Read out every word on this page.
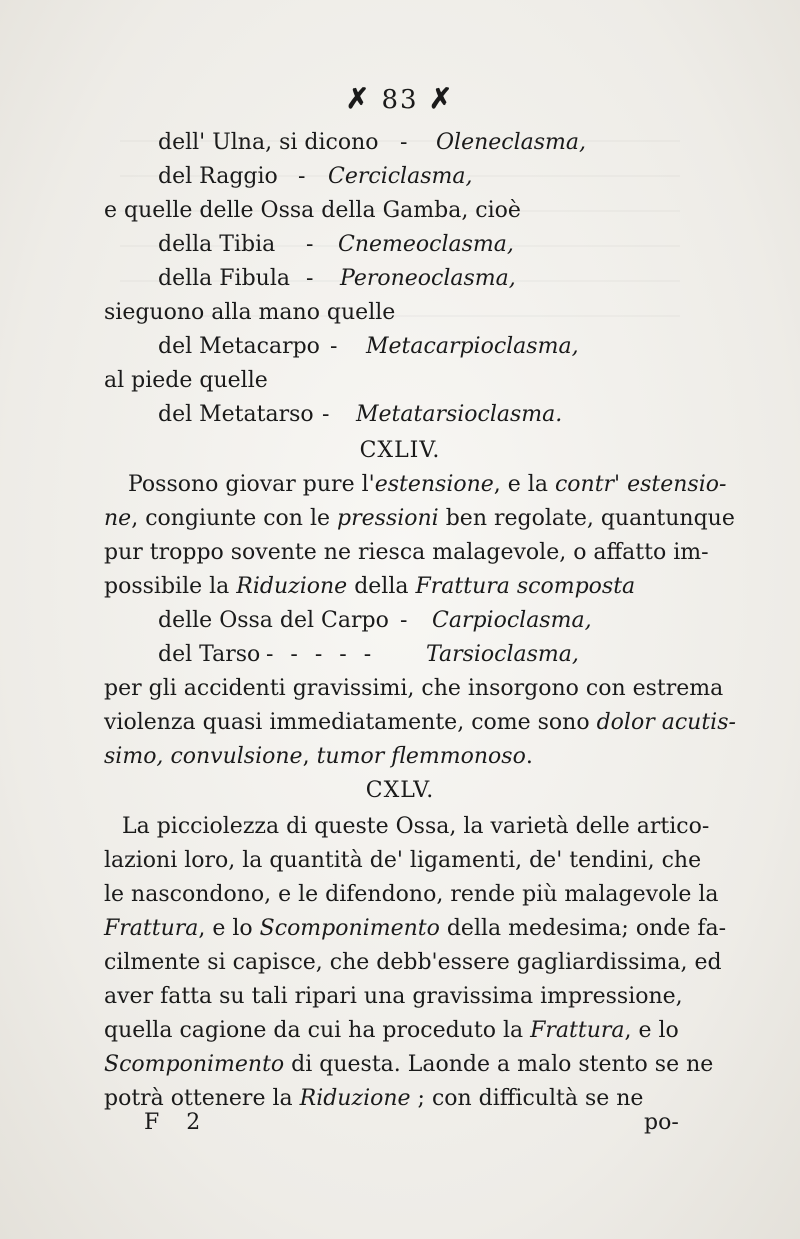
✗ 83 ✗
dell' Ulna, si dicono - Oleneclasma,
del Raggio - Cerciclasma,
e quelle delle Ossa della Gamba, cioè
della Tibia - Cnemeoclasma,
della Fibula - Peroneoclasma,
sieguono alla mano quelle
del Metacarpo - Metacarpioclasma,
al piede quelle
del Metatarso - Metatarsioclasma.
CXLIV.
Possono giovar pure l'estensione, e la contr' estensio-
ne, congiunte con le pressioni ben regolate, quantunque
pur troppo sovente ne riesca malagevole, o affatto im-
possibile la Riduzione della Frattura scomposta
delle Ossa del Carpo - Carpioclasma,
del Tarso ----- Tarsioclasma,
per gli accidenti gravissimi, che insorgono con estrema
violenza quasi immediatamente, come sono dolor acutis-
simo, convulsione, tumor flemmonoso.
CXLV.
La picciolezza di queste Ossa, la varietà delle artico-
lazioni loro, la quantità de' ligamenti, de' tendini, che
le nascondono, e le difendono, rende più malagevole la
Frattura, e lo Scomponimento della medesima; onde fa-
cilmente si capisce, che debb'essere gagliardissima, ed
aver fatta su tali ripari una gravissima impressione,
quella cagione da cui ha proceduto la Frattura, e lo
Scomponimento di questa. Laonde a malo stento se ne
potrà ottenere la Riduzione ; con difficultà se ne
F 2	po-
